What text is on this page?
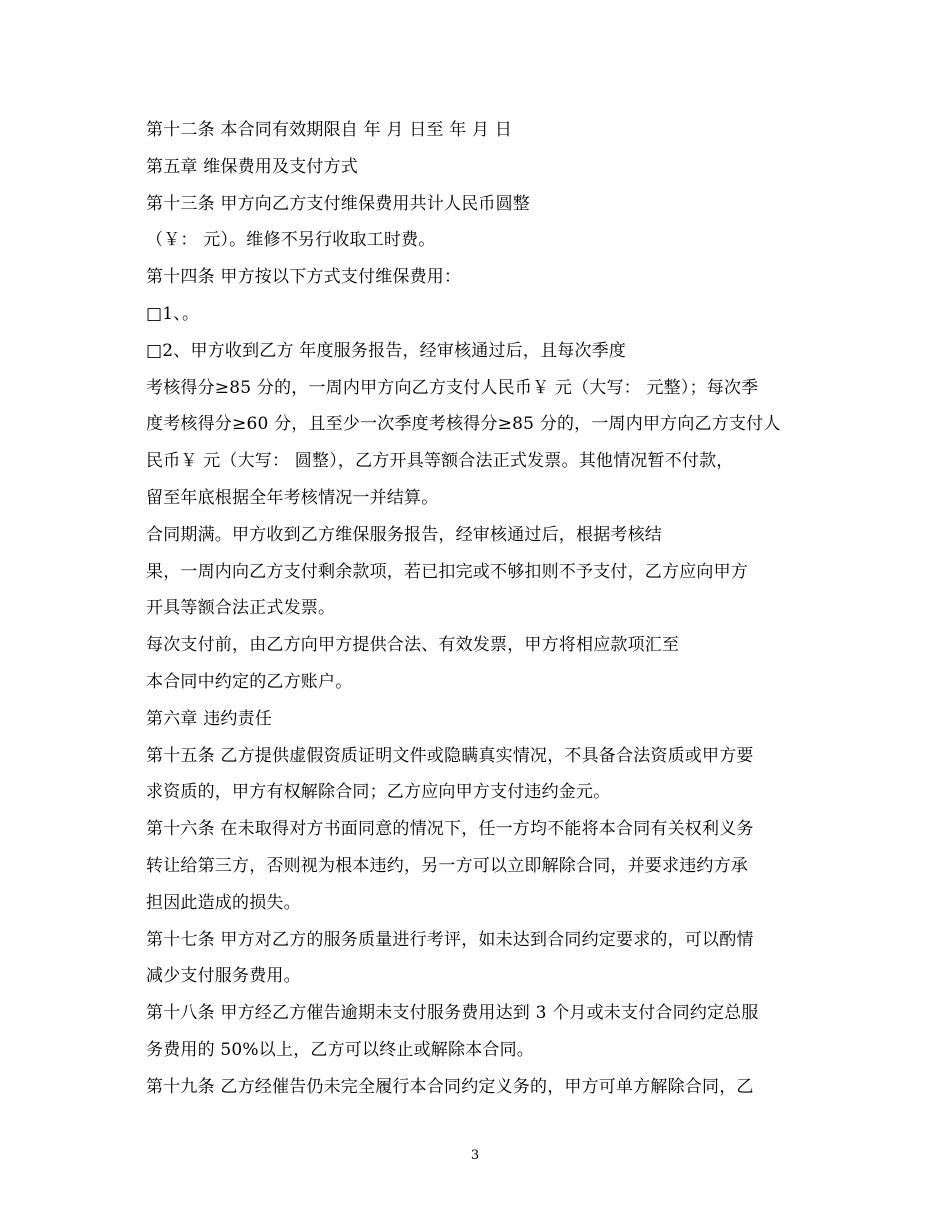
第十二条 本合同有效期限自 年 月 日至 年 月 日
第五章 维保费用及支付方式
第十三条 甲方向乙方支付维保费用共计人民币圆整
（￥： 元）。维修不另行收取工时费。
第十四条 甲方按以下方式支付维保费用：
□1、。
□2、甲方收到乙方 年度服务报告，经审核通过后，且每次季度
考核得分≥85 分的，一周内甲方向乙方支付人民币￥ 元（大写： 元整）；每次季
度考核得分≥60 分，且至少一次季度考核得分≥85 分的，一周内甲方向乙方支付人
民币￥ 元（大写： 圆整），乙方开具等额合法正式发票。其他情况暂不付款，
留至年底根据全年考核情况一并结算。
合同期满。甲方收到乙方维保服务报告，经审核通过后，根据考核结
果，一周内向乙方支付剩余款项，若已扣完或不够扣则不予支付，乙方应向甲方
开具等额合法正式发票。
每次支付前，由乙方向甲方提供合法、有效发票，甲方将相应款项汇至
本合同中约定的乙方账户。
第六章 违约责任
第十五条 乙方提供虚假资质证明文件或隐瞒真实情况，不具备合法资质或甲方要
求资质的，甲方有权解除合同；乙方应向甲方支付违约金元。
第十六条 在未取得对方书面同意的情况下，任一方均不能将本合同有关权利义务
转让给第三方，否则视为根本违约，另一方可以立即解除合同，并要求违约方承
担因此造成的损失。
第十七条 甲方对乙方的服务质量进行考评，如未达到合同约定要求的，可以酌情
减少支付服务费用。
第十八条 甲方经乙方催告逾期未支付服务费用达到 3 个月或未支付合同约定总服
务费用的 50%以上，乙方可以终止或解除本合同。
第十九条 乙方经催告仍未完全履行本合同约定义务的，甲方可单方解除合同，乙
3
